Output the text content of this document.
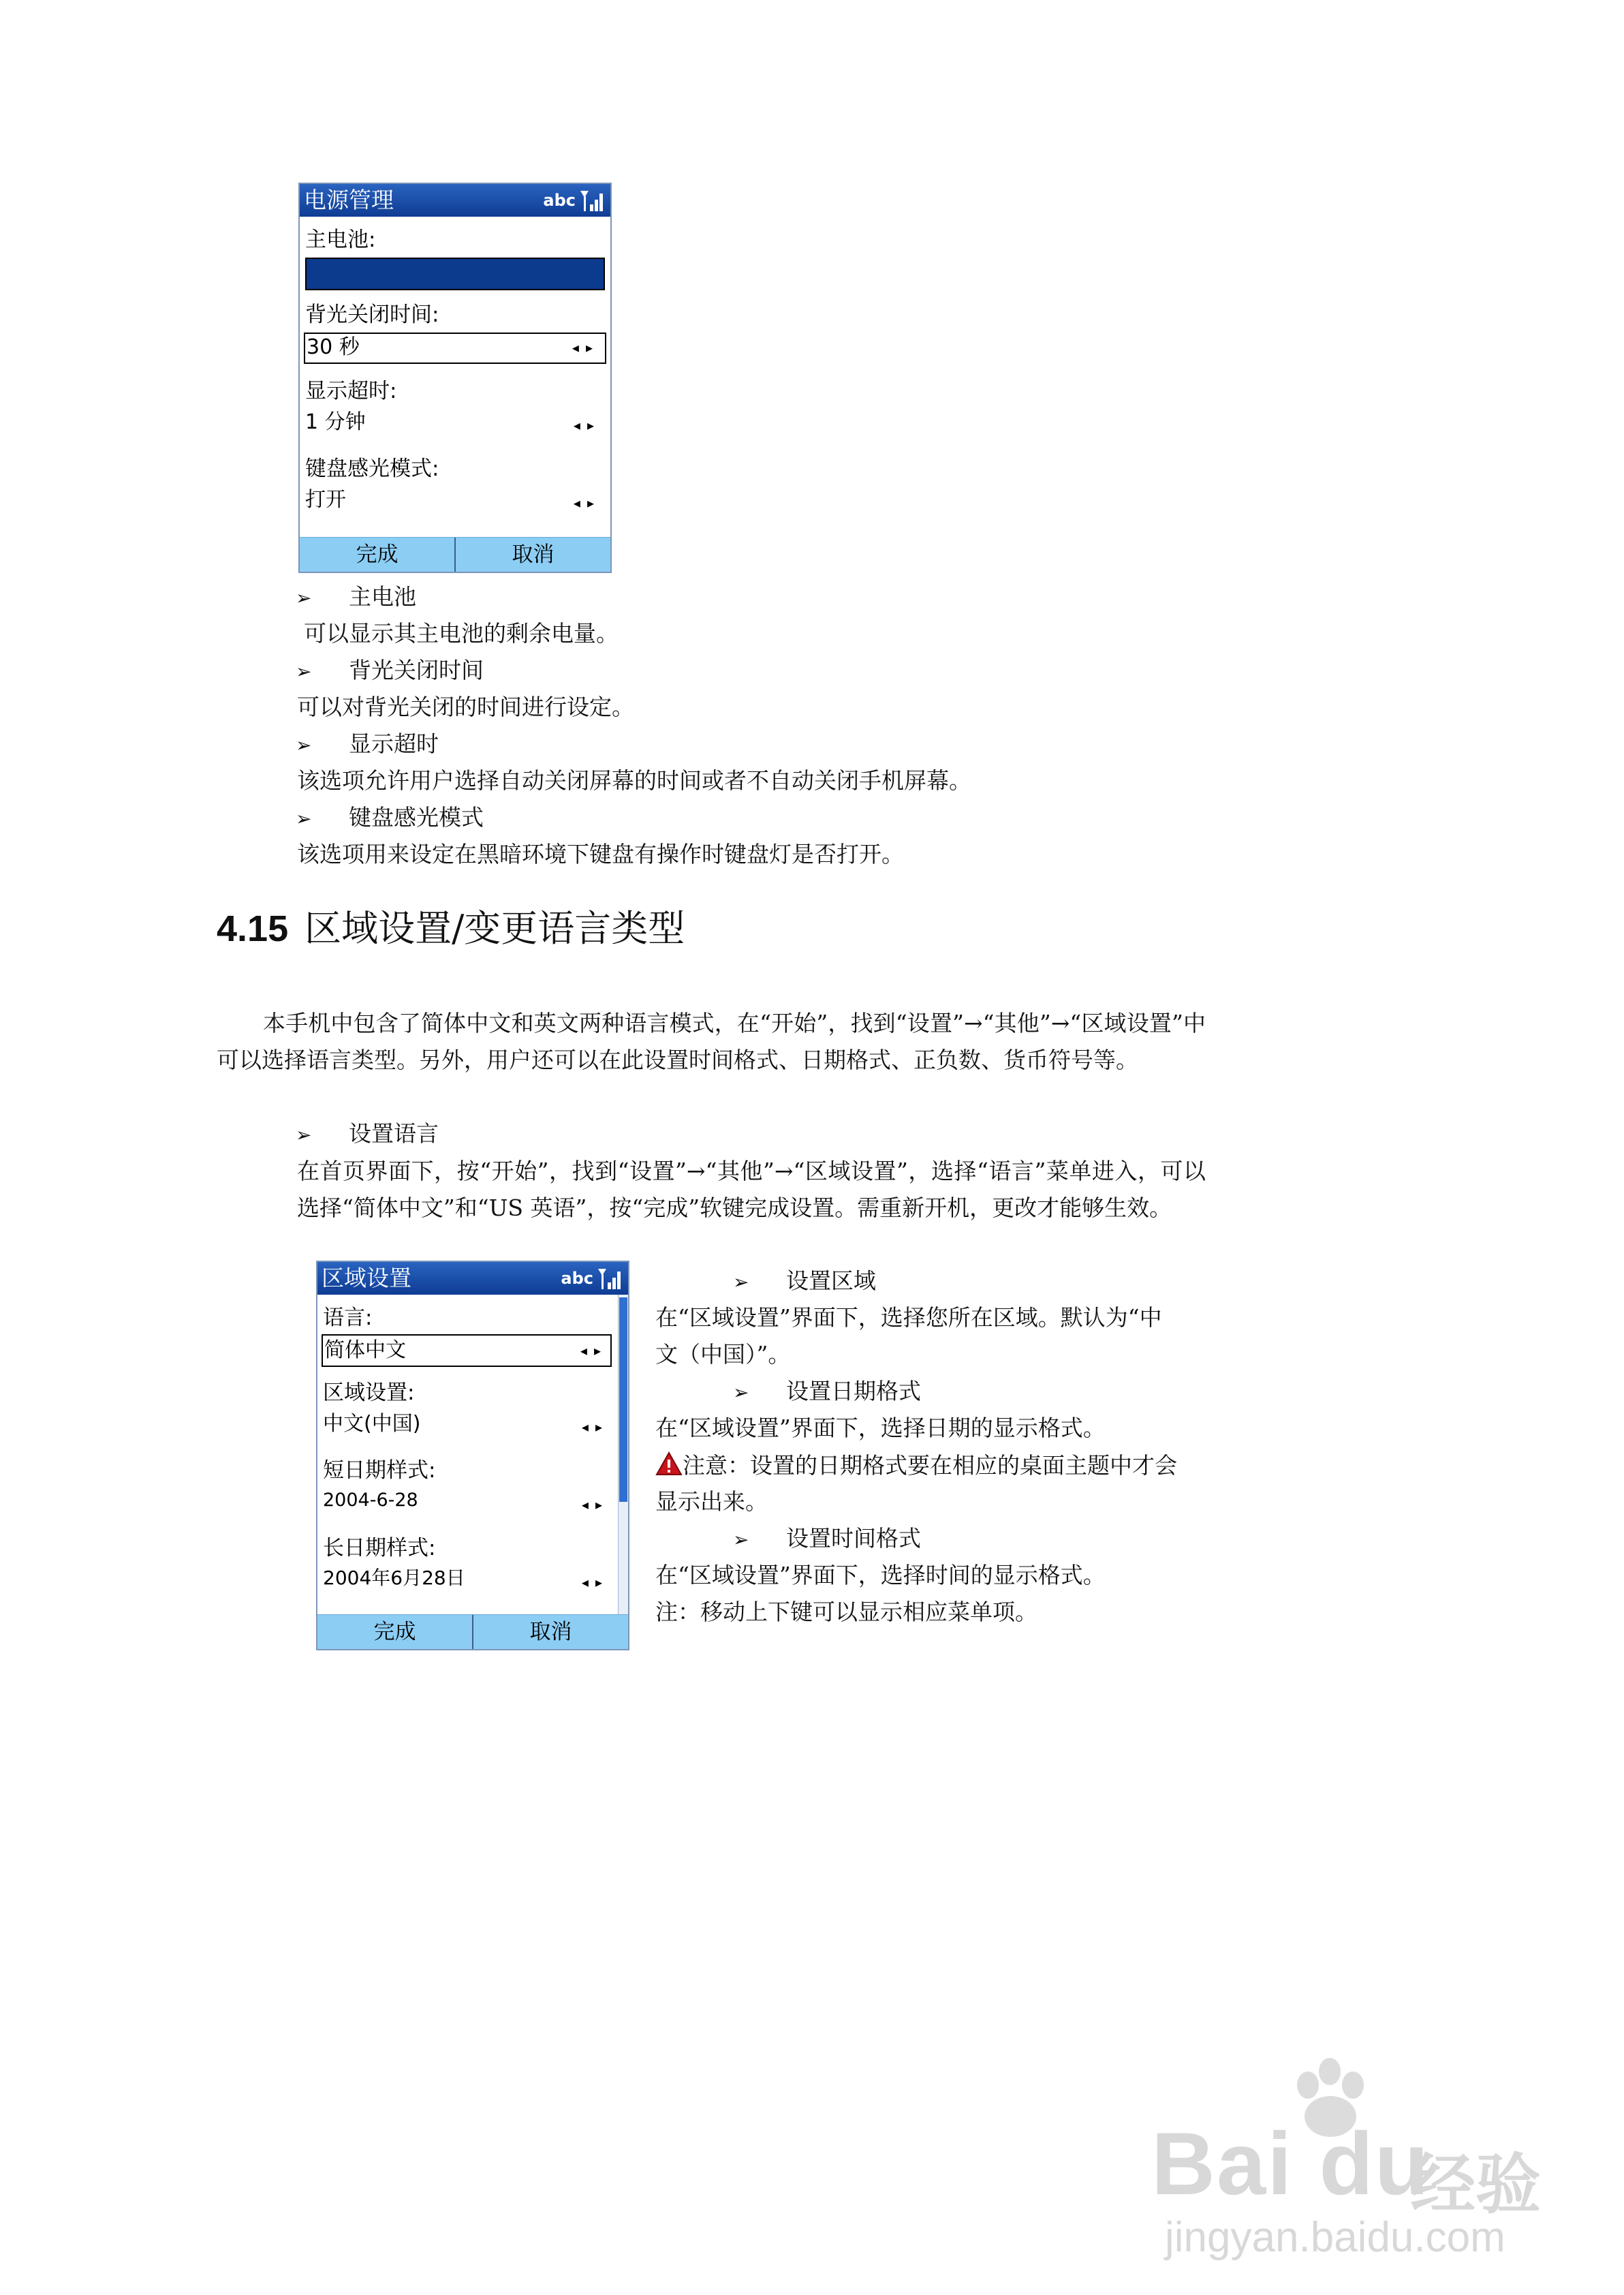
电源管理	abc
主电池:
背光关闭时间:
30 秒	◂▸
显示超时:
1 分钟	◂▸
键盘感光模式:
打开	◂▸
完成	取消
➢ 主电池
可以显示其主电池的剩余电量。
➢ 背光关闭时间
可以对背光关闭的时间进行设定。
➢ 显示超时
该选项允许用户选择自动关闭屏幕的时间或者不自动关闭手机屏幕。
➢ 键盘感光模式
该选项用来设定在黑暗环境下键盘有操作时键盘灯是否打开。
4.15 区域设置/变更语言类型
本手机中包含了简体中文和英文两种语言模式，在“开始”，找到“设置”→“其他”→“区域设置”中可以选择语言类型。另外，用户还可以在此设置时间格式、日期格式、正负数、货币符号等。
➢ 设置语言
在首页界面下，按“开始”，找到“设置”→“其他”→“区域设置”，选择“语言”菜单进入，可以选择“简体中文”和“US 英语”，按“完成”软键完成设置。需重新开机，更改才能够生效。
区域设置	abc
语言:
简体中文	◂▸
区域设置:
中文(中国)	◂▸
短日期样式:
2004-6-28	◂▸
长日期样式:
2004年6月28日	◂▸
完成	取消
➢ 设置区域
在“区域设置”界面下，选择您所在区域。默认为“中
文（中国）”。
➢ 设置日期格式
在“区域设置”界面下，选择日期的显示格式。
注意：设置的日期格式要在相应的桌面主题中才会
显示出来。
➢ 设置时间格式
在“区域设置”界面下，选择时间的显示格式。
注：移动上下键可以显示相应菜单项。
Bai du
经验
jingyan.baidu.com
